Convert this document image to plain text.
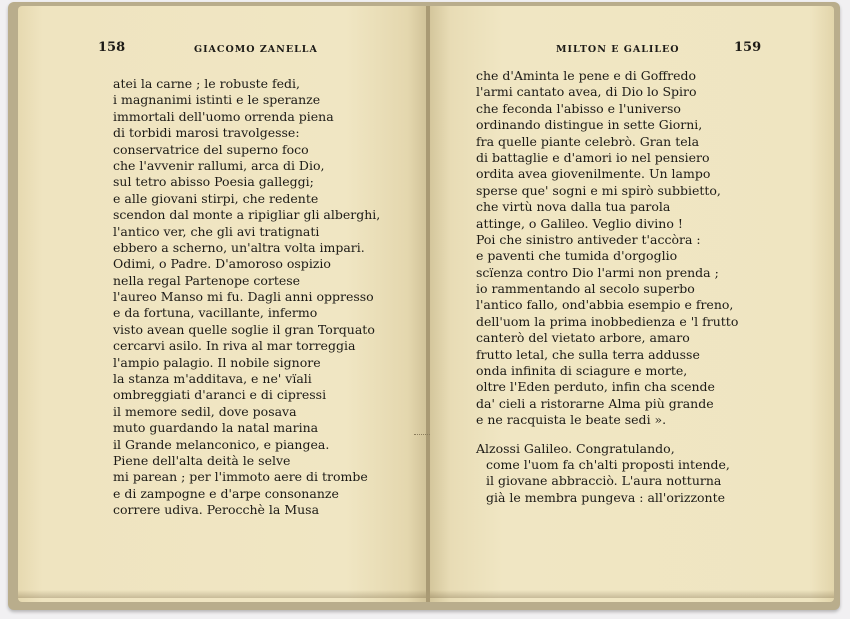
158	GIACOMO ZANELLA
atei la carne ; le robuste fedi,
i magnanimi istinti e le speranze
immortali dell'uomo orrenda piena
di torbidi marosi travolgesse:
conservatrice del superno foco
che l'avvenir rallumi, arca di Dio,
sul tetro abisso Poesia galleggi;
e alle giovani stirpi, che redente
scendon dal monte a ripigliar gli alberghi,
l'antico ver, che gli avi tratignati
ebbero a scherno, un'altra volta impari.
Odimi, o Padre. D'amoroso ospizio
nella regal Partenope cortese
l'aureo Manso mi fu. Dagli anni oppresso
e da fortuna, vacillante, infermo
visto avean quelle soglie il gran Torquato
cercarvi asilo. In riva al mar torreggia
l'ampio palagio. Il nobile signore
la stanza m'additava, e ne' vïali
ombreggiati d'aranci e di cipressi
il memore sedil, dove posava
muto guardando la natal marina
il Grande melanconico, e piangea.
Piene dell'alta deità le selve
mi parean ; per l'immoto aere di trombe
e di zampogne e d'arpe consonanze
correre udiva. Perocchè la Musa
MILTON E GALILEO	159
che d'Aminta le pene e di Goffredo
l'armi cantato avea, di Dio lo Spiro
che feconda l'abisso e l'universo
ordinando distingue in sette Giorni,
fra quelle piante celebrò. Gran tela
di battaglie e d'amori io nel pensiero
ordita avea giovenilmente. Un lampo
sperse que' sogni e mi spirò subbietto,
che virtù nova dalla tua parola
attinge, o Galileo. Veglio divino !
Poi che sinistro antiveder t'accòra :
e paventi che tumida d'orgoglio
scïenza contro Dio l'armi non prenda ;
io rammentando al secolo superbo
l'antico fallo, ond'abbia esempio e freno,
dell'uom la prima inobbedienza e 'l frutto
canterò del vietato arbore, amaro
frutto letal, che sulla terra addusse
onda infinita di sciagure e morte,
oltre l'Eden perduto, infin cha scende
da' cieli a ristorarne Alma più grande
e ne racquista le beate sedi ».
Alzossi Galileo. Congratulando,
come l'uom fa ch'alti proposti intende,
il giovane abbracciò. L'aura notturna
già le membra pungeva : all'orizzonte
